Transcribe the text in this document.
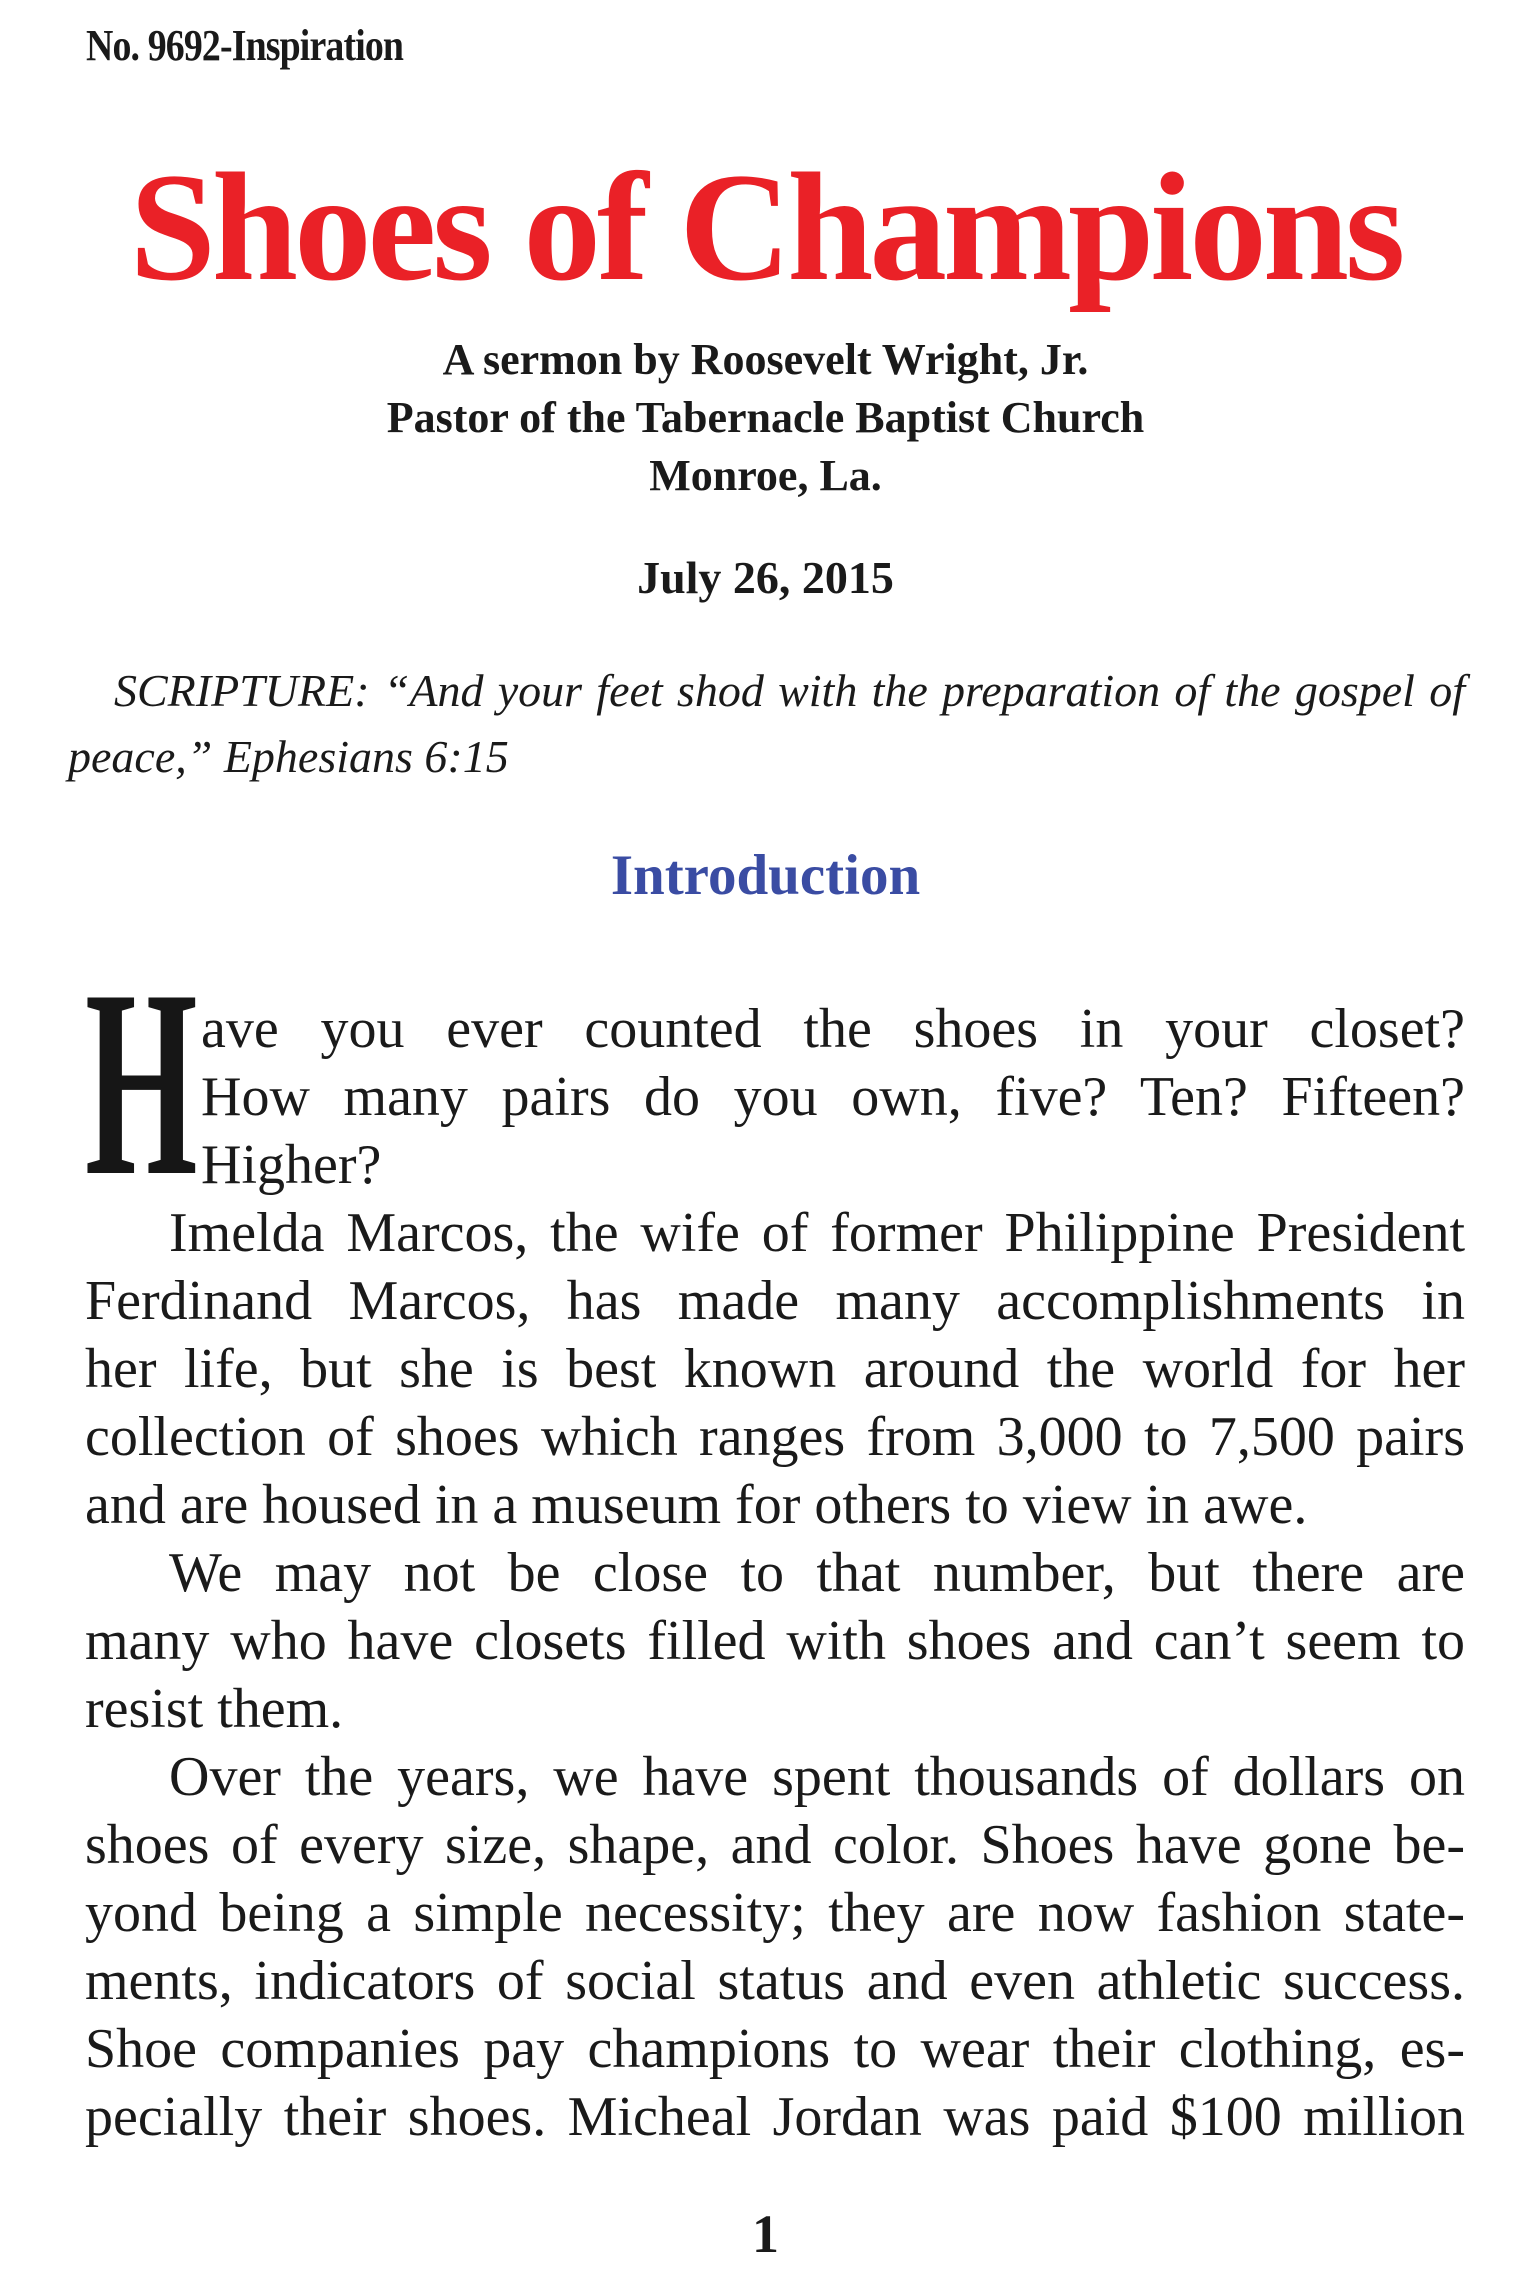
No. 9692-Inspiration
Shoes of Champions
A sermon by Roosevelt Wright, Jr.
Pastor of the Tabernacle Baptist Church
Monroe, La.
July 26, 2015
SCRIPTURE: “And your feet shod with the preparation of the gospel of
peace,” Ephesians 6:15
Introduction
H ave you ever counted the shoes in your closet?
How many pairs do you own, five? Ten? Fifteen?
Higher?
Imelda Marcos, the wife of former Philippine President
Ferdinand Marcos, has made many accomplishments in
her life, but she is best known around the world for her
collection of shoes which ranges from 3,000 to 7,500 pairs
and are housed in a museum for others to view in awe.
We may not be close to that number, but there are
many who have closets filled with shoes and can’t seem to
resist them.
Over the years, we have spent thousands of dollars on
shoes of every size, shape, and color. Shoes have gone be-
yond being a simple necessity; they are now fashion state-
ments, indicators of social status and even athletic success.
Shoe companies pay champions to wear their clothing, es-
pecially their shoes. Micheal Jordan was paid $100 million
1
